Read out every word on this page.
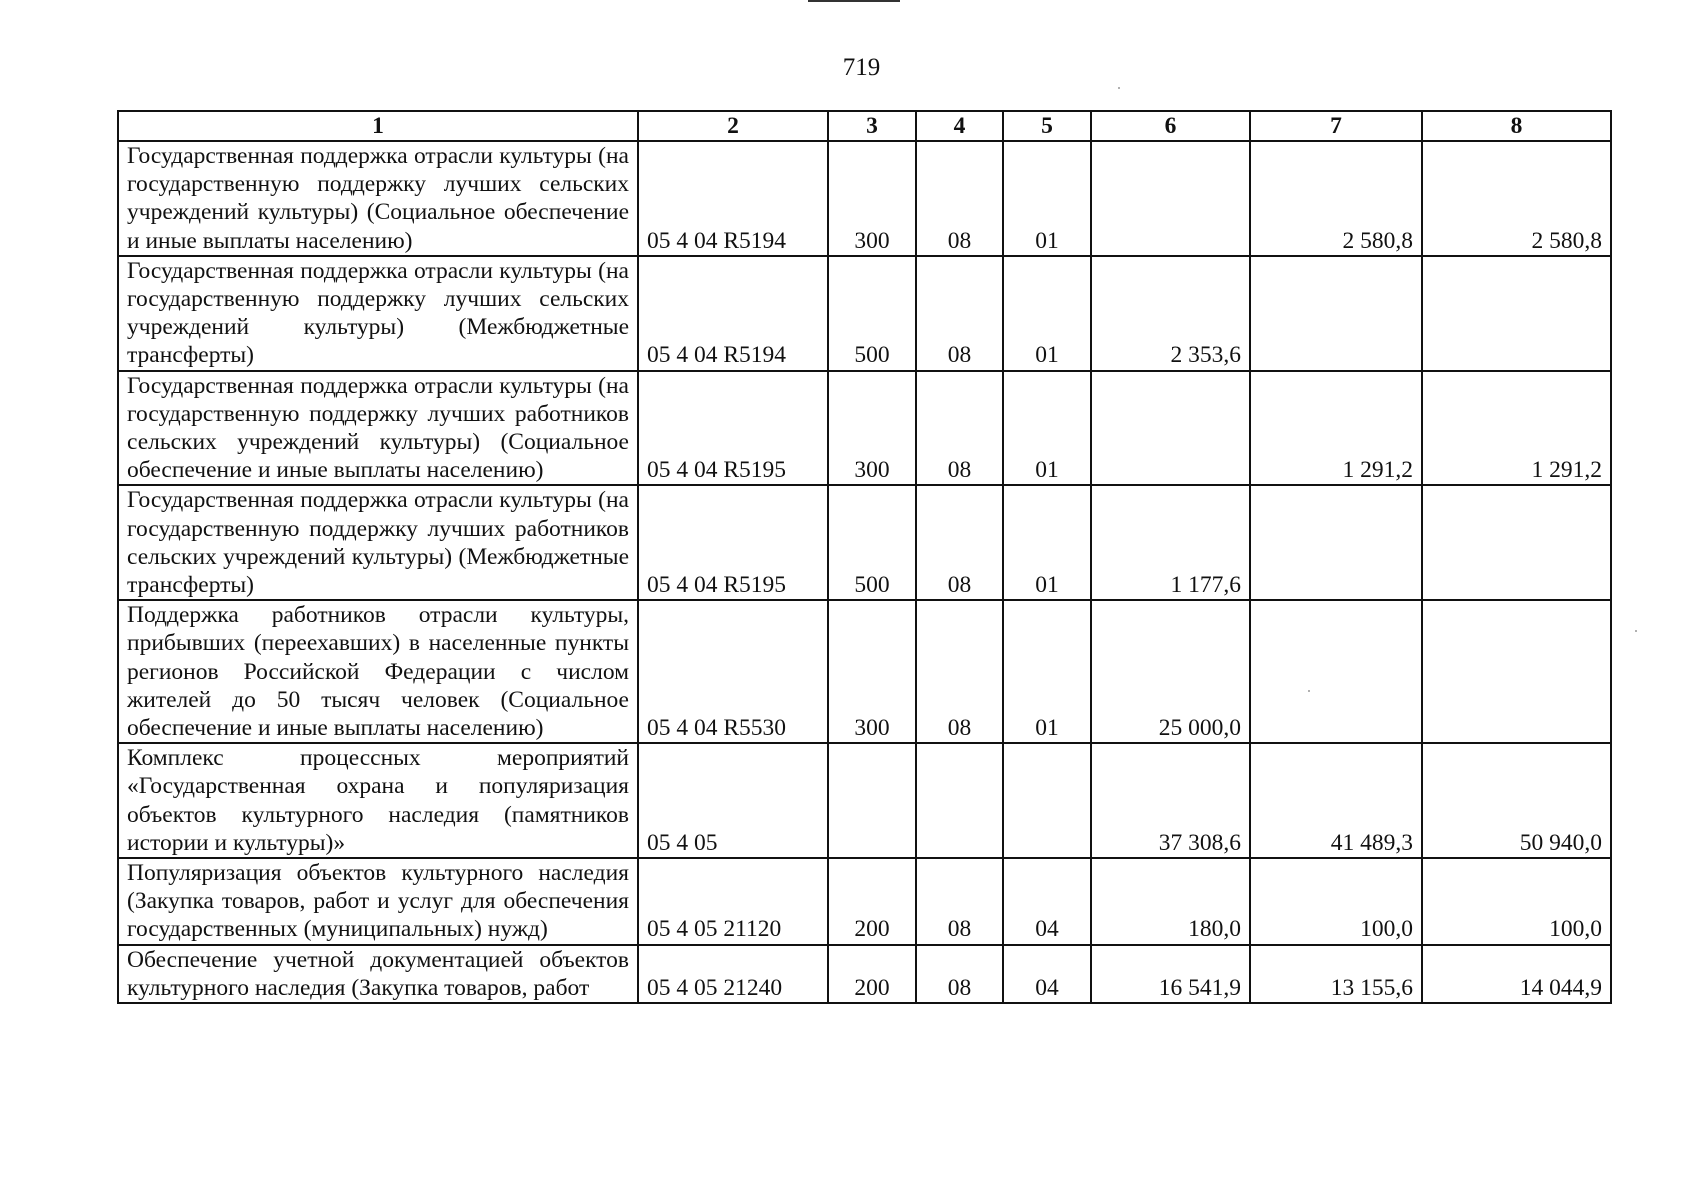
719
1	2	3	4	5	6	7	8
Государственная поддержка отрасли культуры (на государственную поддержку лучших сельских учреждений культуры) (Социальное обеспечение и иные выплаты населению)	05 4 04 R5194	300	08	01		2 580,8	2 580,8
Государственная поддержка отрасли культуры (на государственную поддержку лучших сельских учреждений культуры) (Межбюджетные трансферты)	05 4 04 R5194	500	08	01	2 353,6		
Государственная поддержка отрасли культуры (на государственную поддержку лучших работников сельских учреждений культуры) (Социальное обеспечение и иные выплаты населению)	05 4 04 R5195	300	08	01		1 291,2	1 291,2
Государственная поддержка отрасли культуры (на государственную поддержку лучших работников сельских учреждений культуры) (Межбюджетные трансферты)	05 4 04 R5195	500	08	01	1 177,6		
Поддержка работников отрасли культуры, прибывших (переехавших) в населенные пункты регионов Российской Федерации с числом жителей до 50 тысяч человек (Социальное обеспечение и иные выплаты населению)	05 4 04 R5530	300	08	01	25 000,0		
Комплекс процессных мероприятий «Государственная охрана и популяризация объектов культурного наследия (памятников истории и культуры)»	05 4 05				37 308,6	41 489,3	50 940,0
Популяризация объектов культурного наследия (Закупка товаров, работ и услуг для обеспечения государственных (муниципальных) нужд)	05 4 05 21120	200	08	04	180,0	100,0	100,0
Обеспечение учетной документацией объектов культурного наследия (Закупка товаров, работ	05 4 05 21240	200	08	04	16 541,9	13 155,6	14 044,9
